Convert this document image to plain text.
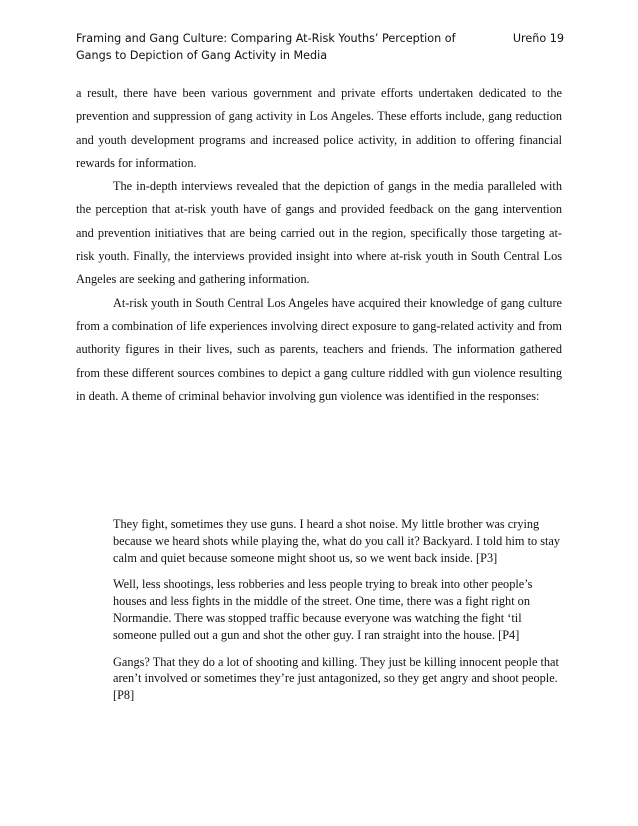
Framing and Gang Culture: Comparing At-Risk Youths’ Perception of Gangs to Depiction of Gang Activity in Media
Ureño 19

a result, there have been various government and private efforts undertaken dedicated to the prevention and suppression of gang activity in Los Angeles. These efforts include, gang reduction and youth development programs and increased police activity, in addition to offering financial rewards for information.

The in-depth interviews revealed that the depiction of gangs in the media paralleled with the perception that at-risk youth have of gangs and provided feedback on the gang intervention and prevention initiatives that are being carried out in the region, specifically those targeting at-risk youth. Finally, the interviews provided insight into where at-risk youth in South Central Los Angeles are seeking and gathering information.

At-risk youth in South Central Los Angeles have acquired their knowledge of gang culture from a combination of life experiences involving direct exposure to gang-related activity and from authority figures in their lives, such as parents, teachers and friends. The information gathered from these different sources combines to depict a gang culture riddled with gun violence resulting in death. A theme of criminal behavior involving gun violence was identified in the responses:

They fight, sometimes they use guns. I heard a shot noise. My little brother was crying because we heard shots while playing the, what do you call it? Backyard. I told him to stay calm and quiet because someone might shoot us, so we went back inside. [P3]

Well, less shootings, less robberies and less people trying to break into other people’s houses and less fights in the middle of the street. One time, there was a fight right on Normandie. There was stopped traffic because everyone was watching the fight ‘til someone pulled out a gun and shot the other guy. I ran straight into the house. [P4]

Gangs? That they do a lot of shooting and killing. They just be killing innocent people that aren’t involved or sometimes they’re just antagonized, so they get angry and shoot people. [P8]
